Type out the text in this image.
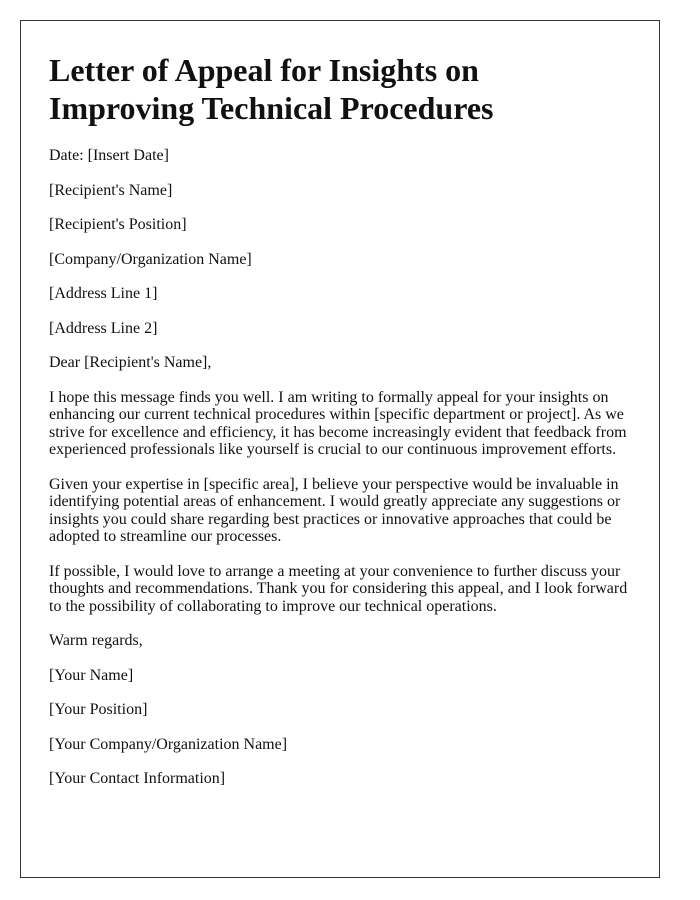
Letter of Appeal for Insights on Improving Technical Procedures

Date: [Insert Date]

[Recipient's Name]

[Recipient's Position]

[Company/Organization Name]

[Address Line 1]

[Address Line 2]

Dear [Recipient's Name],

I hope this message finds you well. I am writing to formally appeal for your insights on enhancing our current technical procedures within [specific department or project]. As we strive for excellence and efficiency, it has become increasingly evident that feedback from experienced professionals like yourself is crucial to our continuous improvement efforts.

Given your expertise in [specific area], I believe your perspective would be invaluable in identifying potential areas of enhancement. I would greatly appreciate any suggestions or insights you could share regarding best practices or innovative approaches that could be adopted to streamline our processes.

If possible, I would love to arrange a meeting at your convenience to further discuss your thoughts and recommendations. Thank you for considering this appeal, and I look forward to the possibility of collaborating to improve our technical operations.

Warm regards,

[Your Name]

[Your Position]

[Your Company/Organization Name]

[Your Contact Information]
